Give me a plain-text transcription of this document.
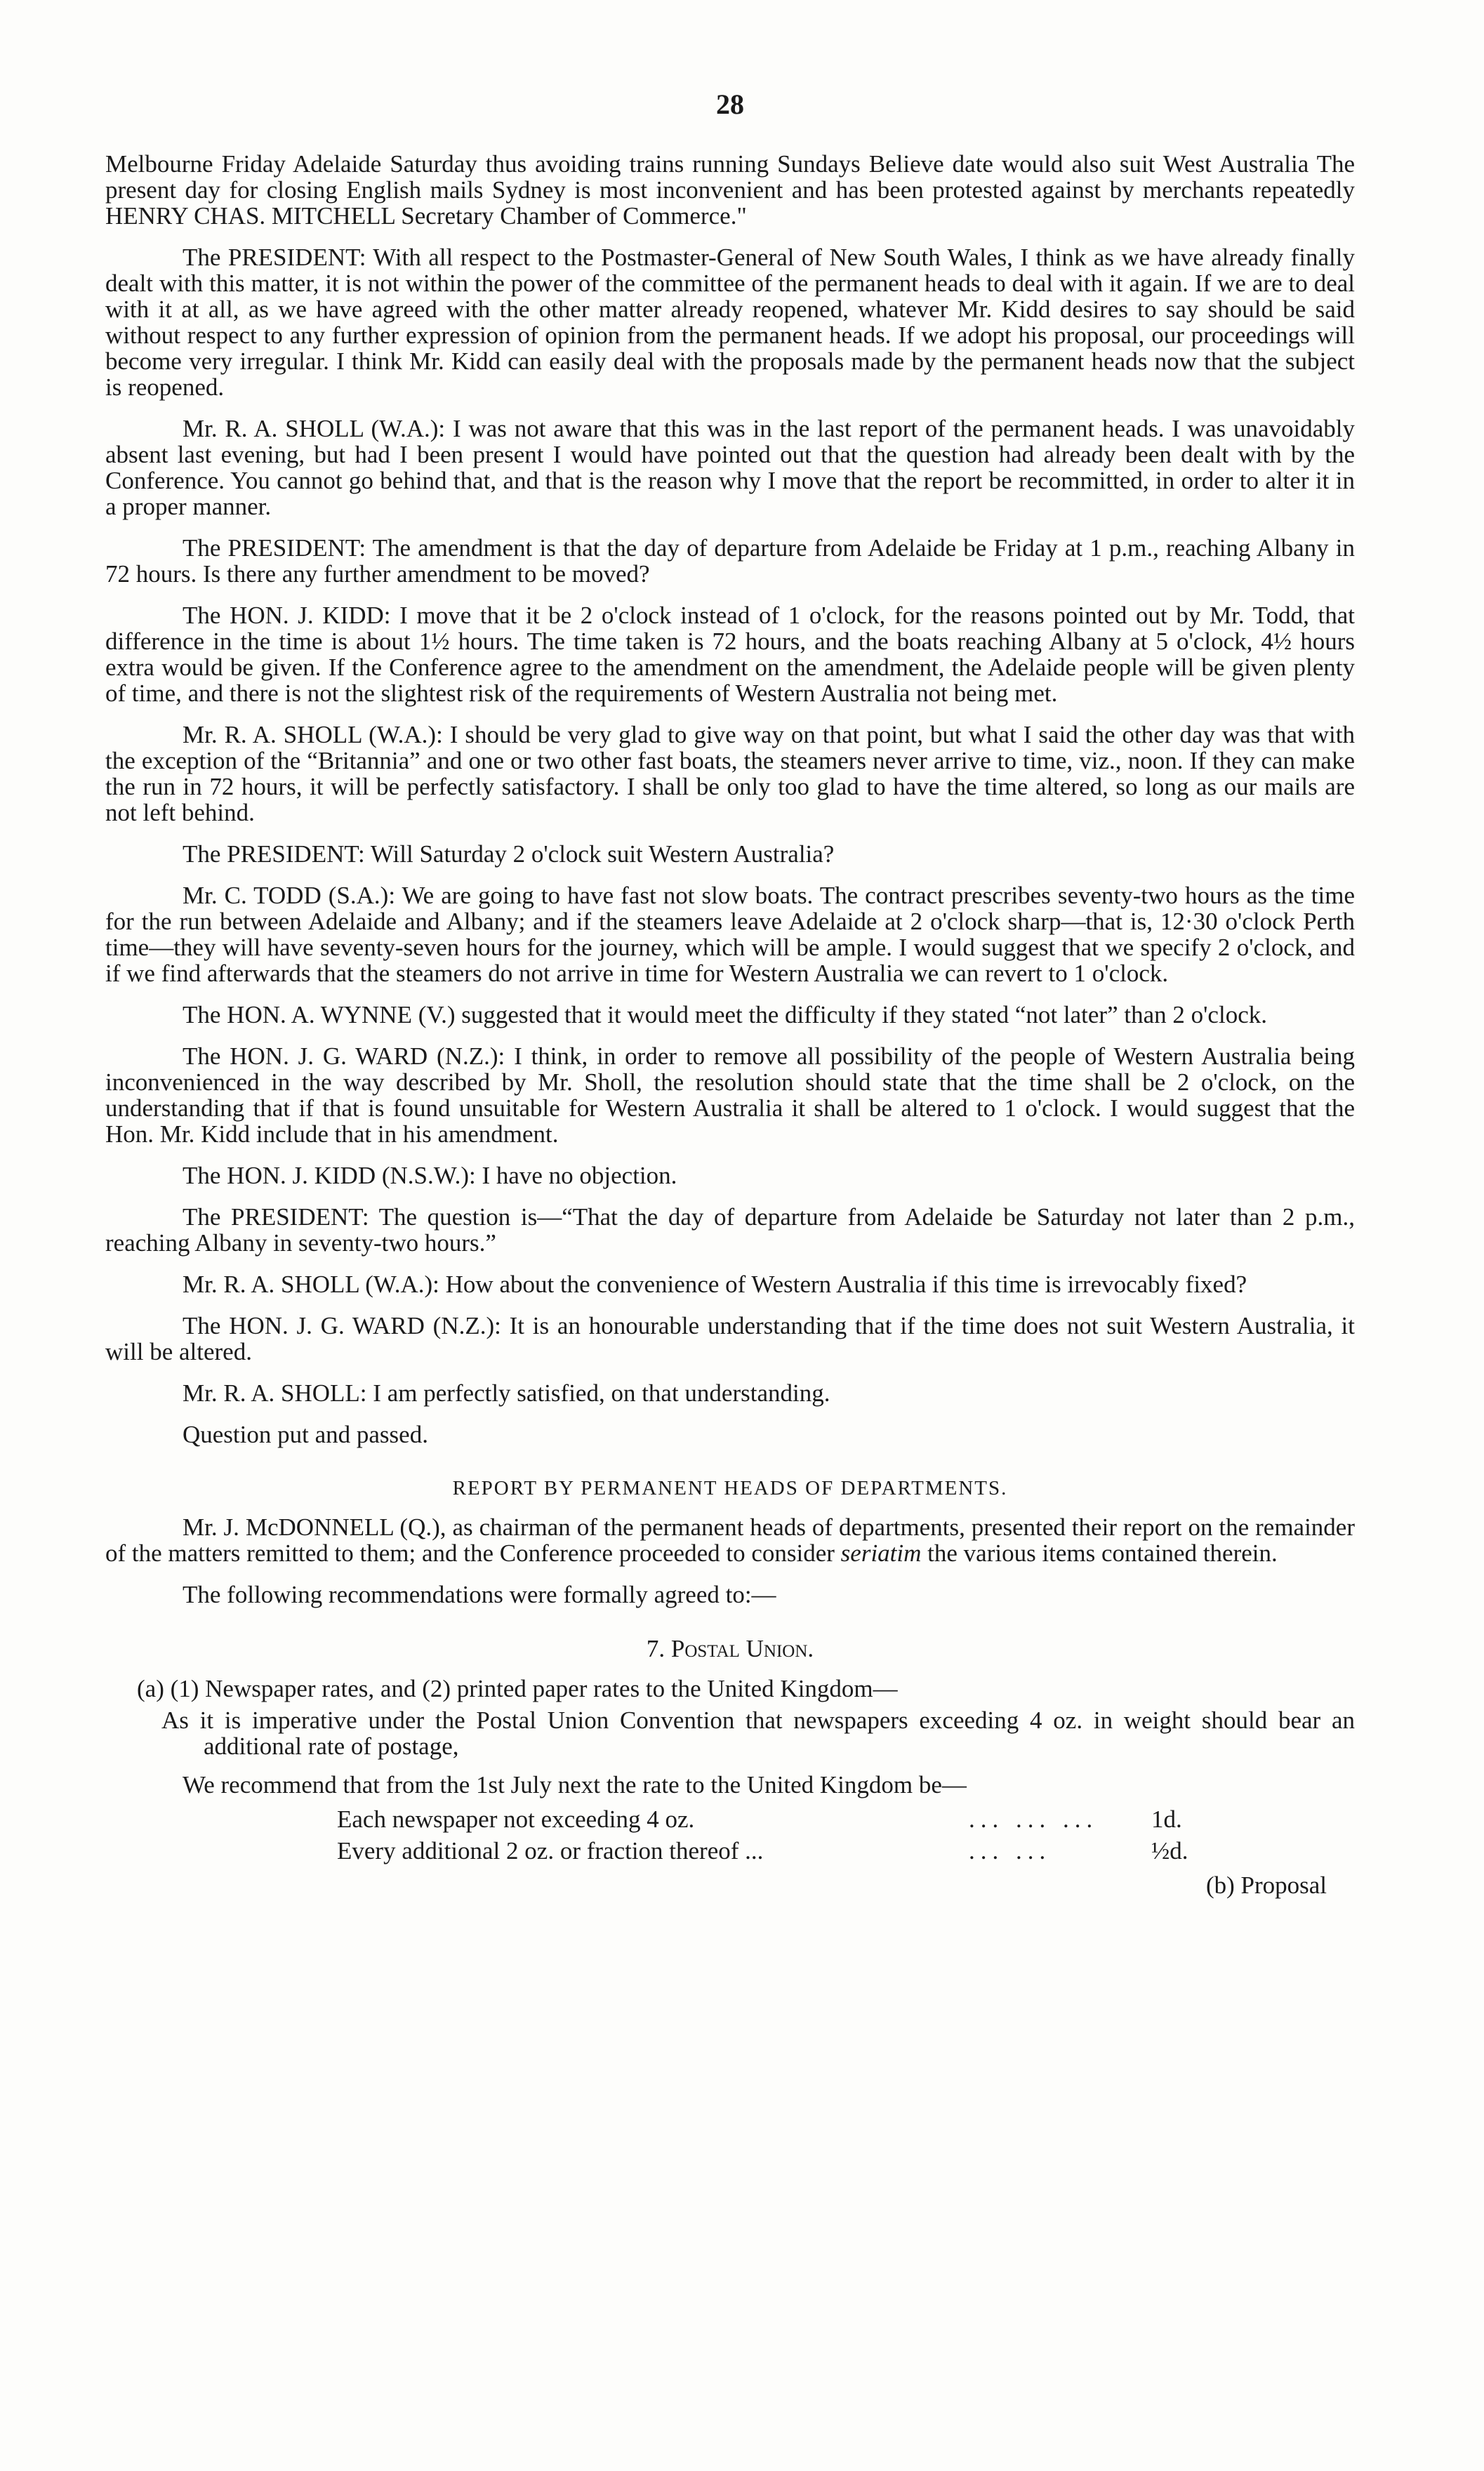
28

Melbourne Friday Adelaide Saturday thus avoiding trains running Sundays Believe date would also suit West Australia The present day for closing English mails Sydney is most inconvenient and has been protested against by merchants repeatedly HENRY CHAS. MITCHELL Secretary Chamber of Commerce."

The PRESIDENT: With all respect to the Postmaster-General of New South Wales, I think as we have already finally dealt with this matter, it is not within the power of the committee of the permanent heads to deal with it again. If we are to deal with it at all, as we have agreed with the other matter already reopened, whatever Mr. Kidd desires to say should be said without respect to any further expression of opinion from the permanent heads. If we adopt his proposal, our proceedings will become very irregular. I think Mr. Kidd can easily deal with the proposals made by the permanent heads now that the subject is reopened.

Mr. R. A. SHOLL (W.A.): I was not aware that this was in the last report of the permanent heads. I was unavoidably absent last evening, but had I been present I would have pointed out that the question had already been dealt with by the Conference. You cannot go behind that, and that is the reason why I move that the report be recommitted, in order to alter it in a proper manner.

The PRESIDENT: The amendment is that the day of departure from Adelaide be Friday at 1 p.m., reaching Albany in 72 hours. Is there any further amendment to be moved?

The HON. J. KIDD: I move that it be 2 o'clock instead of 1 o'clock, for the reasons pointed out by Mr. Todd, that difference in the time is about 1½ hours. The time taken is 72 hours, and the boats reaching Albany at 5 o'clock, 4½ hours extra would be given. If the Conference agree to the amendment on the amendment, the Adelaide people will be given plenty of time, and there is not the slightest risk of the requirements of Western Australia not being met.

Mr. R. A. SHOLL (W.A.): I should be very glad to give way on that point, but what I said the other day was that with the exception of the “Britannia” and one or two other fast boats, the steamers never arrive to time, viz., noon. If they can make the run in 72 hours, it will be perfectly satisfactory. I shall be only too glad to have the time altered, so long as our mails are not left behind.

The PRESIDENT: Will Saturday 2 o'clock suit Western Australia?

Mr. C. TODD (S.A.): We are going to have fast not slow boats. The contract prescribes seventy-two hours as the time for the run between Adelaide and Albany; and if the steamers leave Adelaide at 2 o'clock sharp—that is, 12·30 o'clock Perth time—they will have seventy-seven hours for the journey, which will be ample. I would suggest that we specify 2 o'clock, and if we find afterwards that the steamers do not arrive in time for Western Australia we can revert to 1 o'clock.

The HON. A. WYNNE (V.) suggested that it would meet the difficulty if they stated “not later” than 2 o'clock.

The HON. J. G. WARD (N.Z.): I think, in order to remove all possibility of the people of Western Australia being inconvenienced in the way described by Mr. Sholl, the resolution should state that the time shall be 2 o'clock, on the understanding that if that is found unsuitable for Western Australia it shall be altered to 1 o'clock. I would suggest that the Hon. Mr. Kidd include that in his amendment.

The HON. J. KIDD (N.S.W.): I have no objection.

The PRESIDENT: The question is—“That the day of departure from Adelaide be Saturday not later than 2 p.m., reaching Albany in seventy-two hours.”

Mr. R. A. SHOLL (W.A.): How about the convenience of Western Australia if this time is irrevocably fixed?

The HON. J. G. WARD (N.Z.): It is an honourable understanding that if the time does not suit Western Australia, it will be altered.

Mr. R. A. SHOLL: I am perfectly satisfied, on that understanding.

Question put and passed.

REPORT BY PERMANENT HEADS OF DEPARTMENTS.

Mr. J. McDONNELL (Q.), as chairman of the permanent heads of departments, presented their report on the remainder of the matters remitted to them; and the Conference proceeded to consider seriatim the various items contained therein.

The following recommendations were formally agreed to:—

7. Postal Union.
(a) (1) Newspaper rates, and (2) printed paper rates to the United Kingdom—
As it is imperative under the Postal Union Convention that newspapers exceeding 4 oz. in weight should bear an additional rate of postage,
We recommend that from the 1st July next the rate to the United Kingdom be—
Each newspaper not exceeding 4 oz.	... ... ...	1d.
Every additional 2 oz. or fraction thereof ...	... ...	½d.
(b) Proposal
